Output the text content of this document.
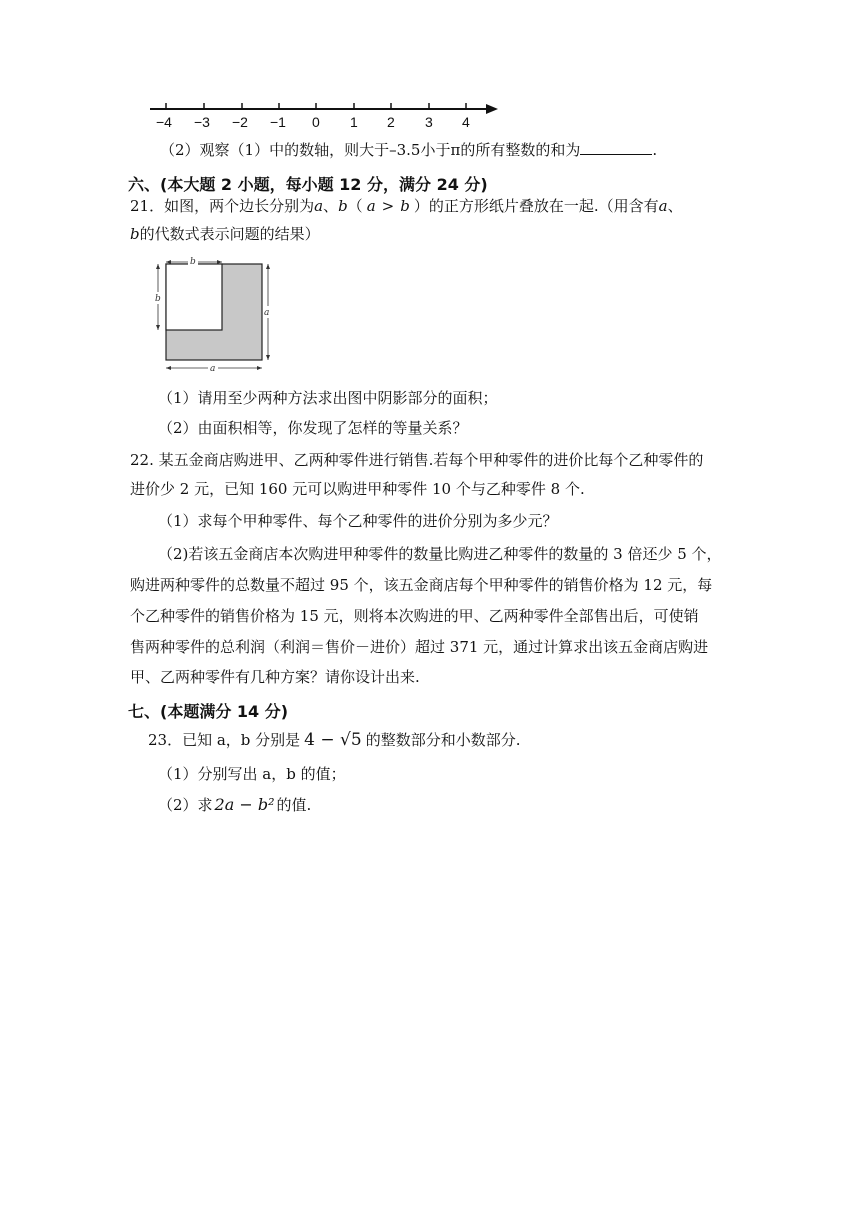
−4 −3 −2 −1 0 1 2 3 4
（2）观察（1）中的数轴，则大于–3.5小于π的所有整数的和为	.
六、(本大题 2 小题，每小题 12 分，满分 24 分)
21．如图，两个边长分别为a、b（ a > b ）的正方形纸片叠放在一起.（用含有a、
b的代数式表示问题的结果）
b
b
a
a
（1）请用至少两种方法求出图中阴影部分的面积；
（2）由面积相等，你发现了怎样的等量关系？
22. 某五金商店购进甲、乙两种零件进行销售.若每个甲种零件的进价比每个乙种零件的
进价少 2 元，已知 160 元可以购进甲种零件 10 个与乙种零件 8 个.
（1）求每个甲种零件、每个乙种零件的进价分别为多少元？
（2)若该五金商店本次购进甲种零件的数量比购进乙种零件的数量的 3 倍还少 5 个，
购进两种零件的总数量不超过 95 个，该五金商店每个甲种零件的销售价格为 12 元，每
个乙种零件的销售价格为 15 元，则将本次购进的甲、乙两种零件全部售出后，可使销
售两种零件的总利润（利润＝售价－进价）超过 371 元，通过计算求出该五金商店购进
甲、乙两种零件有几种方案？请你设计出来.
七、(本题满分 14 分)
23．已知 a，b 分别是 4 − √5 的整数部分和小数部分.
（1）分别写出 a，b 的值；
（2）求 2a − b² 的值.
